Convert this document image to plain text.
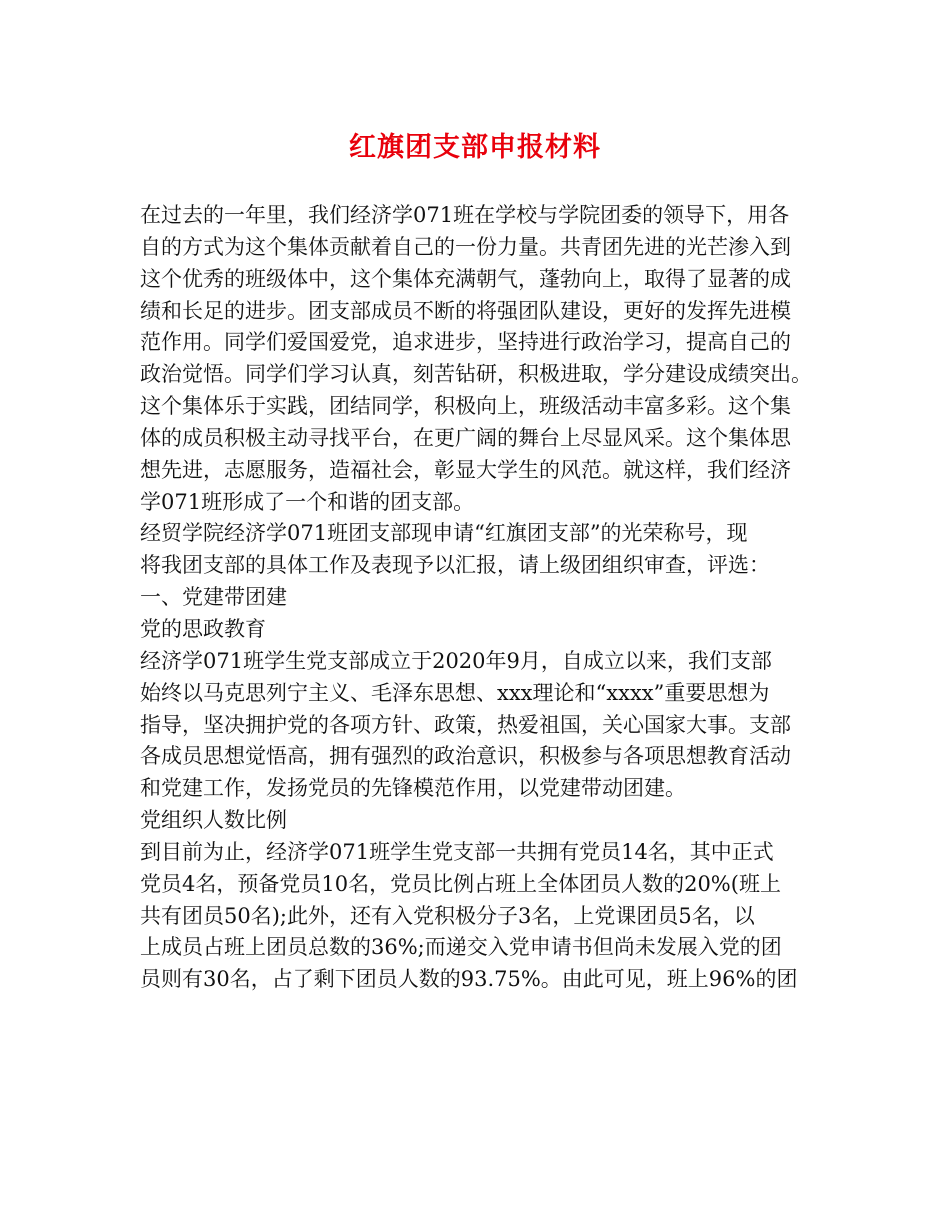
红旗团支部申报材料
在过去的一年里，我们经济学071班在学校与学院团委的领导下，用各
自的方式为这个集体贡献着自己的一份力量。共青团先进的光芒渗入到
这个优秀的班级体中，这个集体充满朝气，蓬勃向上，取得了显著的成
绩和长足的进步。团支部成员不断的将强团队建设，更好的发挥先进模
范作用。同学们爱国爱党，追求进步，坚持进行政治学习，提高自己的
政治觉悟。同学们学习认真，刻苦钻研，积极进取，学分建设成绩突出。
这个集体乐于实践，团结同学，积极向上，班级活动丰富多彩。这个集
体的成员积极主动寻找平台，在更广阔的舞台上尽显风采。这个集体思
想先进，志愿服务，造福社会，彰显大学生的风范。就这样，我们经济
学071班形成了一个和谐的团支部。
经贸学院经济学071班团支部现申请“红旗团支部”的光荣称号，现
将我团支部的具体工作及表现予以汇报，请上级团组织审查，评选：
一、党建带团建
党的思政教育
经济学071班学生党支部成立于2020年9月，自成立以来，我们支部
始终以马克思列宁主义、毛泽东思想、xxx理论和“xxxx”重要思想为
指导，坚决拥护党的各项方针、政策，热爱祖国，关心国家大事。支部
各成员思想觉悟高，拥有强烈的政治意识，积极参与各项思想教育活动
和党建工作，发扬党员的先锋模范作用，以党建带动团建。
党组织人数比例
到目前为止，经济学071班学生党支部一共拥有党员14名，其中正式
党员4名，预备党员10名，党员比例占班上全体团员人数的20%(班上
共有团员50名);此外，还有入党积极分子3名，上党课团员5名，以
上成员占班上团员总数的36%;而递交入党申请书但尚未发展入党的团
员则有30名，占了剩下团员人数的93.75%。由此可见，班上96%的团
